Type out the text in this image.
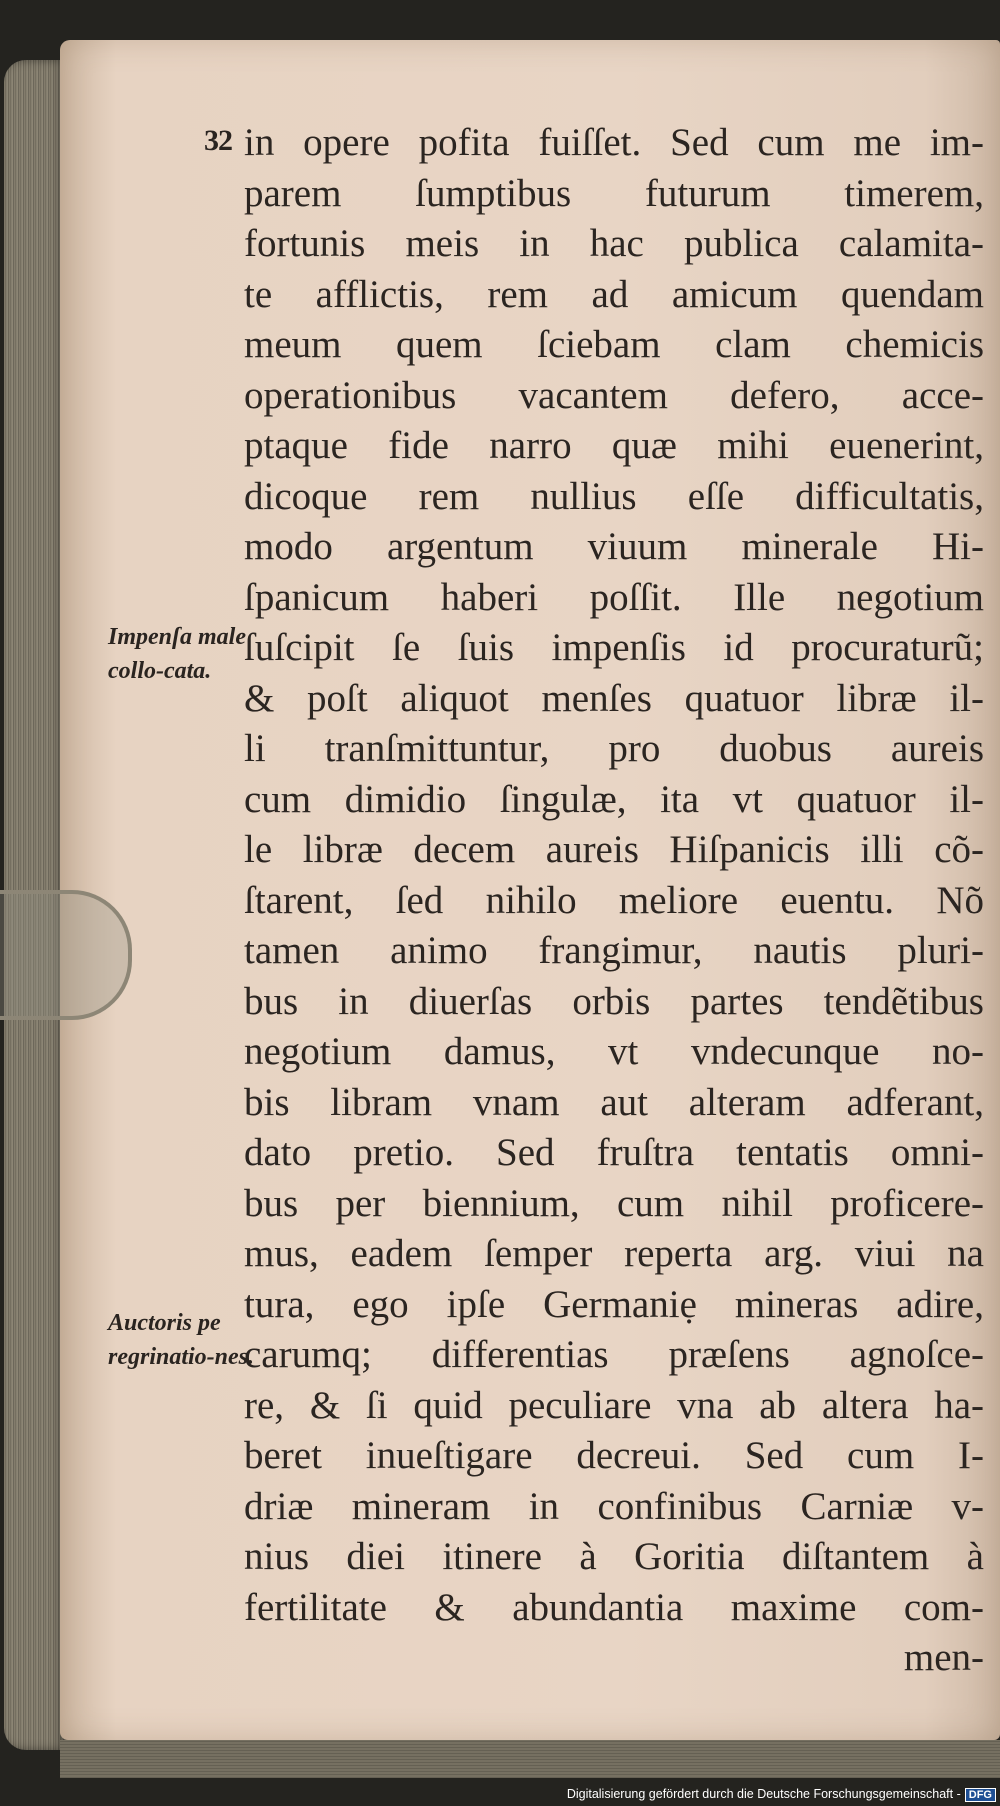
32
Impenſa male collo-cata.
Auctoris pe regrinatio-nes.
in opere pofita fuiſſet. Sed cum me im-
parem ſumptibus futurum timerem,
fortunis meis in hac publica calamita-
te afflictis, rem ad amicum quendam
meum quem ſciebam clam chemicis
operationibus vacantem defero, acce-
ptaque fide narro quæ mihi euenerint,
dicoque rem nullius eſſe difficultatis,
modo argentum viuum minerale Hi-
ſpanicum haberi poſſit. Ille negotium
ſuſcipit ſe ſuis impenſis id procuraturũ;
& poſt aliquot menſes quatuor libræ il-
li tranſmittuntur, pro duobus aureis
cum dimidio ſingulæ, ita vt quatuor il-
le libræ decem aureis Hiſpanicis illi cõ-
ſtarent, ſed nihilo meliore euentu. Nõ
tamen animo frangimur, nautis pluri-
bus in diuerſas orbis partes tendẽtibus
negotium damus, vt vndecunque no-
bis libram vnam aut alteram adferant,
dato pretio. Sed fruſtra tentatis omni-
bus per biennium, cum nihil proficere-
mus, eadem ſemper reperta arg. viui na
tura, ego ipſe Germaniẹ mineras adire,
carumq; differentias præſens agnoſce-
re, & ſi quid peculiare vna ab altera ha-
beret inueſtigare decreui. Sed cum I-
driæ mineram in confinibus Carniæ v-
nius diei itinere à Goritia diſtantem à
fertilitate & abundantia maxime com-
men-
Digitalisierung gefördert durch die Deutsche Forschungsgemeinschaft - DFG
